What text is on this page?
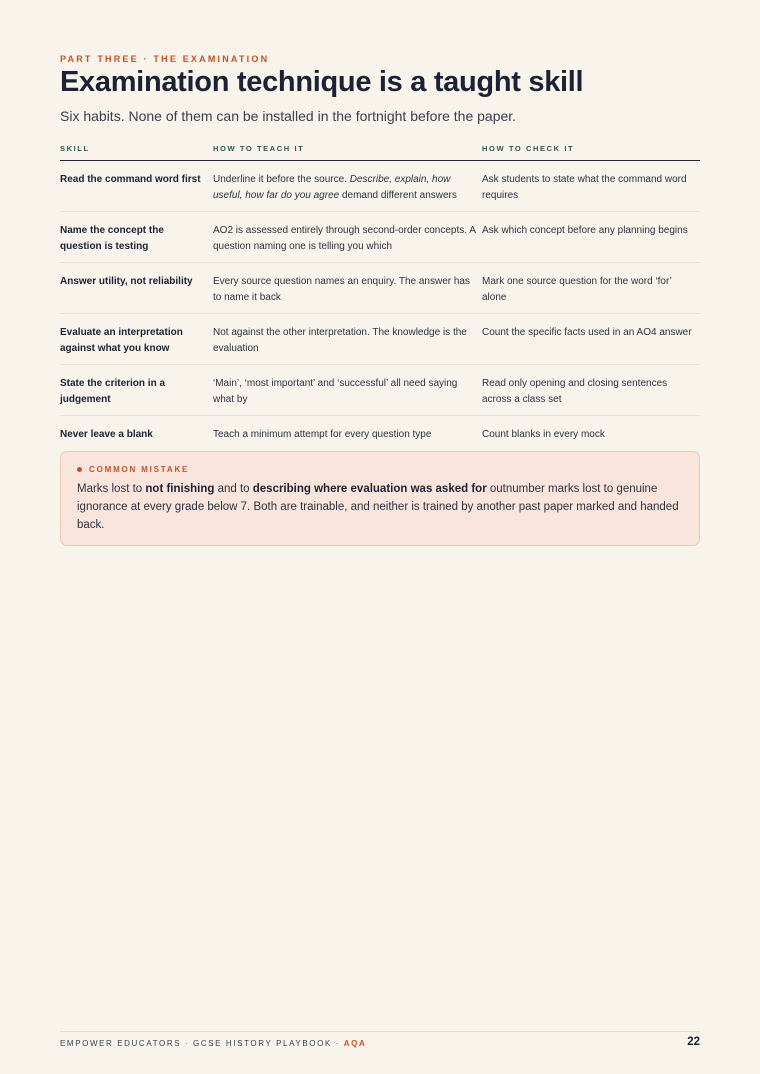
PART THREE · THE EXAMINATION
Examination technique is a taught skill

Six habits. None of them can be installed in the fortnight before the paper.

SKILL	HOW TO TEACH IT	HOW TO CHECK IT
Read the command word first	Underline it before the source. Describe, explain, how useful, how far do you agree demand different answers	Ask students to state what the command word requires
Name the concept the question is testing	AO2 is assessed entirely through second-order concepts. A question naming one is telling you which	Ask which concept before any planning begins
Answer utility, not reliability	Every source question names an enquiry. The answer has to name it back	Mark one source question for the word ‘for’ alone
Evaluate an interpretation against what you know	Not against the other interpretation. The knowledge is the evaluation	Count the specific facts used in an AO4 answer
State the criterion in a judgement	‘Main’, ‘most important’ and ‘successful’ all need saying what by	Read only opening and closing sentences across a class set
Never leave a blank	Teach a minimum attempt for every question type	Count blanks in every mock
COMMON MISTAKE

Marks lost to not finishing and to describing where evaluation was asked for outnumber marks lost to genuine ignorance at every grade below 7. Both are trainable, and neither is trained by another past paper marked and handed back.

EMPOWER EDUCATORS · GCSE HISTORY PLAYBOOK · AQA	22
